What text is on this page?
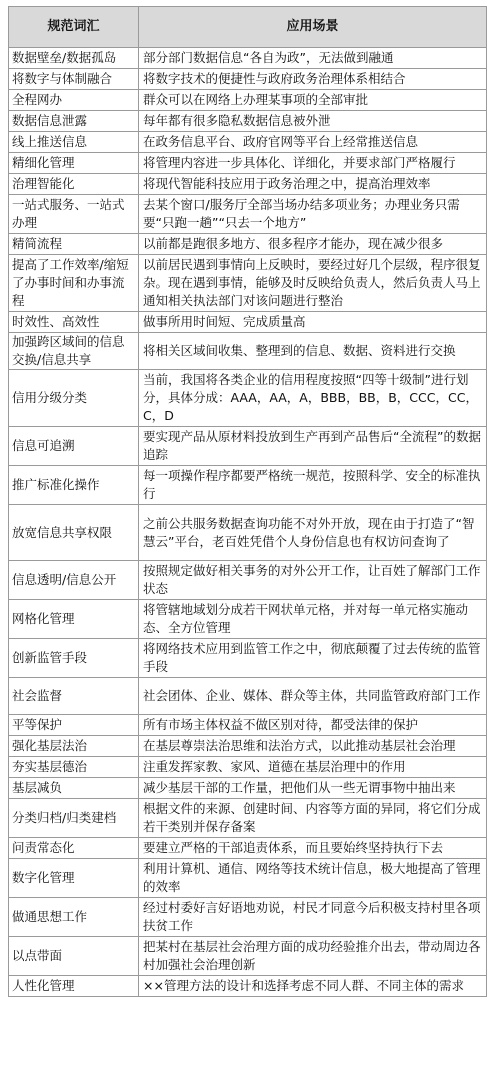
规范词汇	应用场景
数据壁垒/数据孤岛	部分部门数据信息“各自为政”，无法做到融通
将数字与体制融合	将数字技术的便捷性与政府政务治理体系相结合
全程网办	群众可以在网络上办理某事项的全部审批
数据信息泄露	每年都有很多隐私数据信息被外泄
线上推送信息	在政务信息平台、政府官网等平台上经常推送信息
精细化管理	将管理内容进一步具体化、详细化，并要求部门严格履行
治理智能化	将现代智能科技应用于政务治理之中，提高治理效率
一站式服务、一站式办理	去某个窗口/服务厅全部当场办结多项业务；办理业务只需要“只跑一趟”“只去一个地方”
精简流程	以前都是跑很多地方、很多程序才能办，现在减少很多
提高了工作效率/缩短了办事时间和办事流程	以前居民遇到事情向上反映时，要经过好几个层级，程序很复杂。现在遇到事情，能够及时反映给负责人，然后负责人马上通知相关执法部门对该问题进行整治
时效性、高效性	做事所用时间短、完成质量高
加强跨区域间的信息交换/信息共享	将相关区域间收集、整理到的信息、数据、资料进行交换
信用分级分类	当前，我国将各类企业的信用程度按照“四等十级制”进行划分，具体分成：AAA，AA，A，BBB，BB，B，CCC，CC，C，D
信息可追溯	要实现产品从原材料投放到生产再到产品售后“全流程”的数据追踪
推广标准化操作	每一项操作程序都要严格统一规范，按照科学、安全的标准执行
放宽信息共享权限	之前公共服务数据查询功能不对外开放，现在由于打造了“智慧云”平台，老百姓凭借个人身份信息也有权访问查询了
信息透明/信息公开	按照规定做好相关事务的对外公开工作，让百姓了解部门工作状态
网格化管理	将管辖地域划分成若干网状单元格，并对每一单元格实施动态、全方位管理
创新监管手段	将网络技术应用到监管工作之中，彻底颠覆了过去传统的监管手段
社会监督	社会团体、企业、媒体、群众等主体，共同监管政府部门工作
平等保护	所有市场主体权益不做区别对待，都受法律的保护
强化基层法治	在基层尊崇法治思维和法治方式，以此推动基层社会治理
夯实基层德治	注重发挥家教、家风、道德在基层治理中的作用
基层减负	减少基层干部的工作量，把他们从一些无谓事物中抽出来
分类归档/归类建档	根据文件的来源、创建时间、内容等方面的异同，将它们分成若干类别并保存备案
问责常态化	要建立严格的干部追责体系，而且要始终坚持执行下去
数字化管理	利用计算机、通信、网络等技术统计信息，极大地提高了管理的效率
做通思想工作	经过村委好言好语地劝说，村民才同意今后积极支持村里各项扶贫工作
以点带面	把某村在基层社会治理方面的成功经验推介出去，带动周边各村加强社会治理创新
人性化管理	××管理方法的设计和选择考虑不同人群、不同主体的需求
